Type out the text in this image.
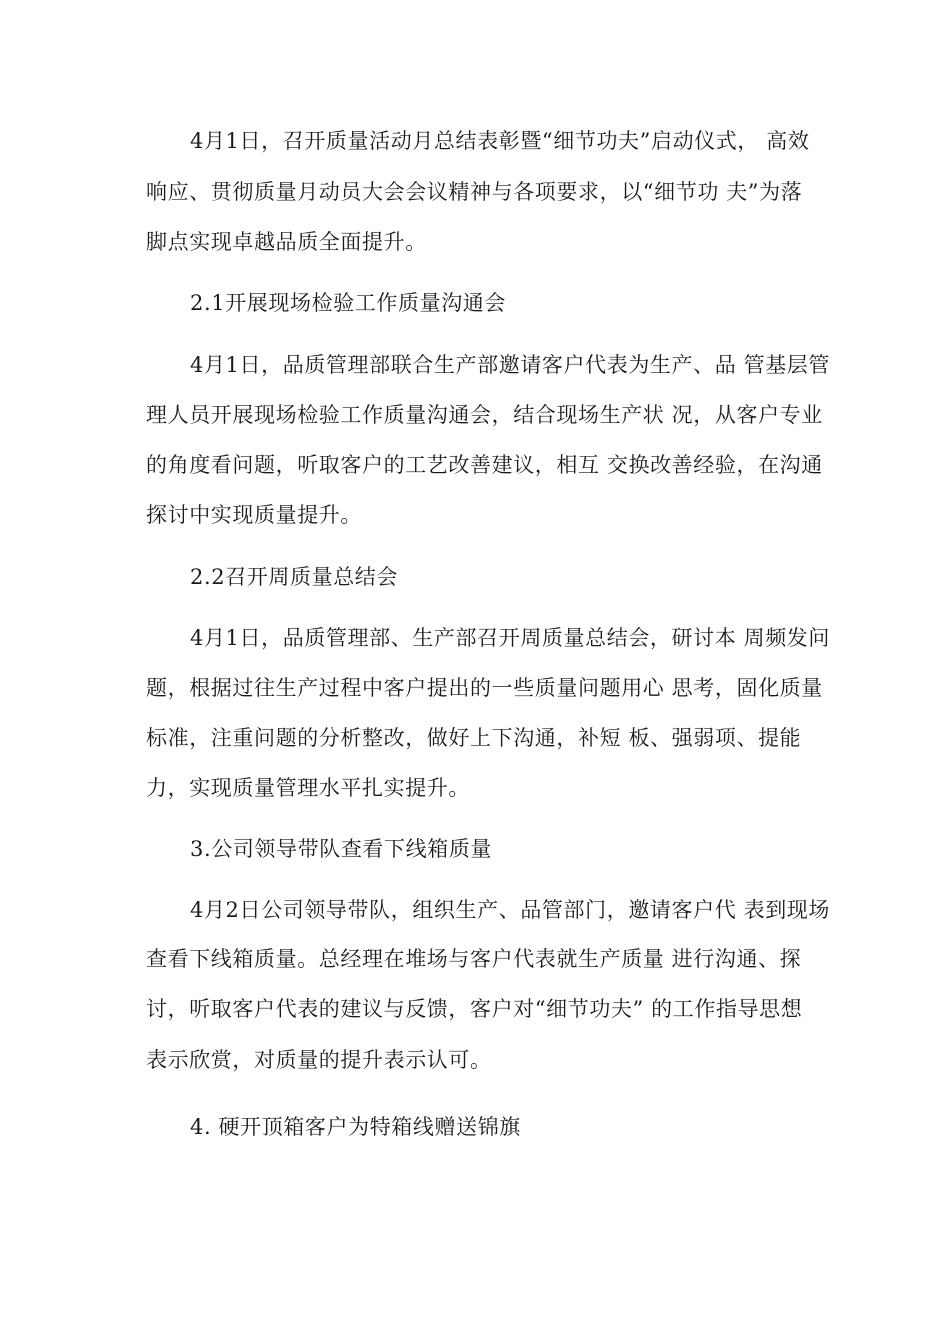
4月1日，召开质量活动月总结表彰暨“细节功夫”启动仪式， 高效
响应、贯彻质量月动员大会会议精神与各项要求，以“细节功 夫”为落
脚点实现卓越品质全面提升。
2.1开展现场检验工作质量沟通会
4月1日，品质管理部联合生产部邀请客户代表为生产、品 管基层管
理人员开展现场检验工作质量沟通会，结合现场生产状 况，从客户专业
的角度看问题，听取客户的工艺改善建议，相互 交换改善经验，在沟通
探讨中实现质量提升。
2.2召开周质量总结会
4月1日，品质管理部、生产部召开周质量总结会，研讨本 周频发问
题，根据过往生产过程中客户提出的一些质量问题用心 思考，固化质量
标准，注重问题的分析整改，做好上下沟通，补短 板、强弱项、提能
力，实现质量管理水平扎实提升。
3.公司领导带队查看下线箱质量
4月2日公司领导带队，组织生产、品管部门，邀请客户代 表到现场
查看下线箱质量。总经理在堆场与客户代表就生产质量 进行沟通、探
讨，听取客户代表的建议与反馈，客户对“细节功夫” 的工作指导思想
表示欣赏，对质量的提升表示认可。
4. 硬开顶箱客户为特箱线赠送锦旗
